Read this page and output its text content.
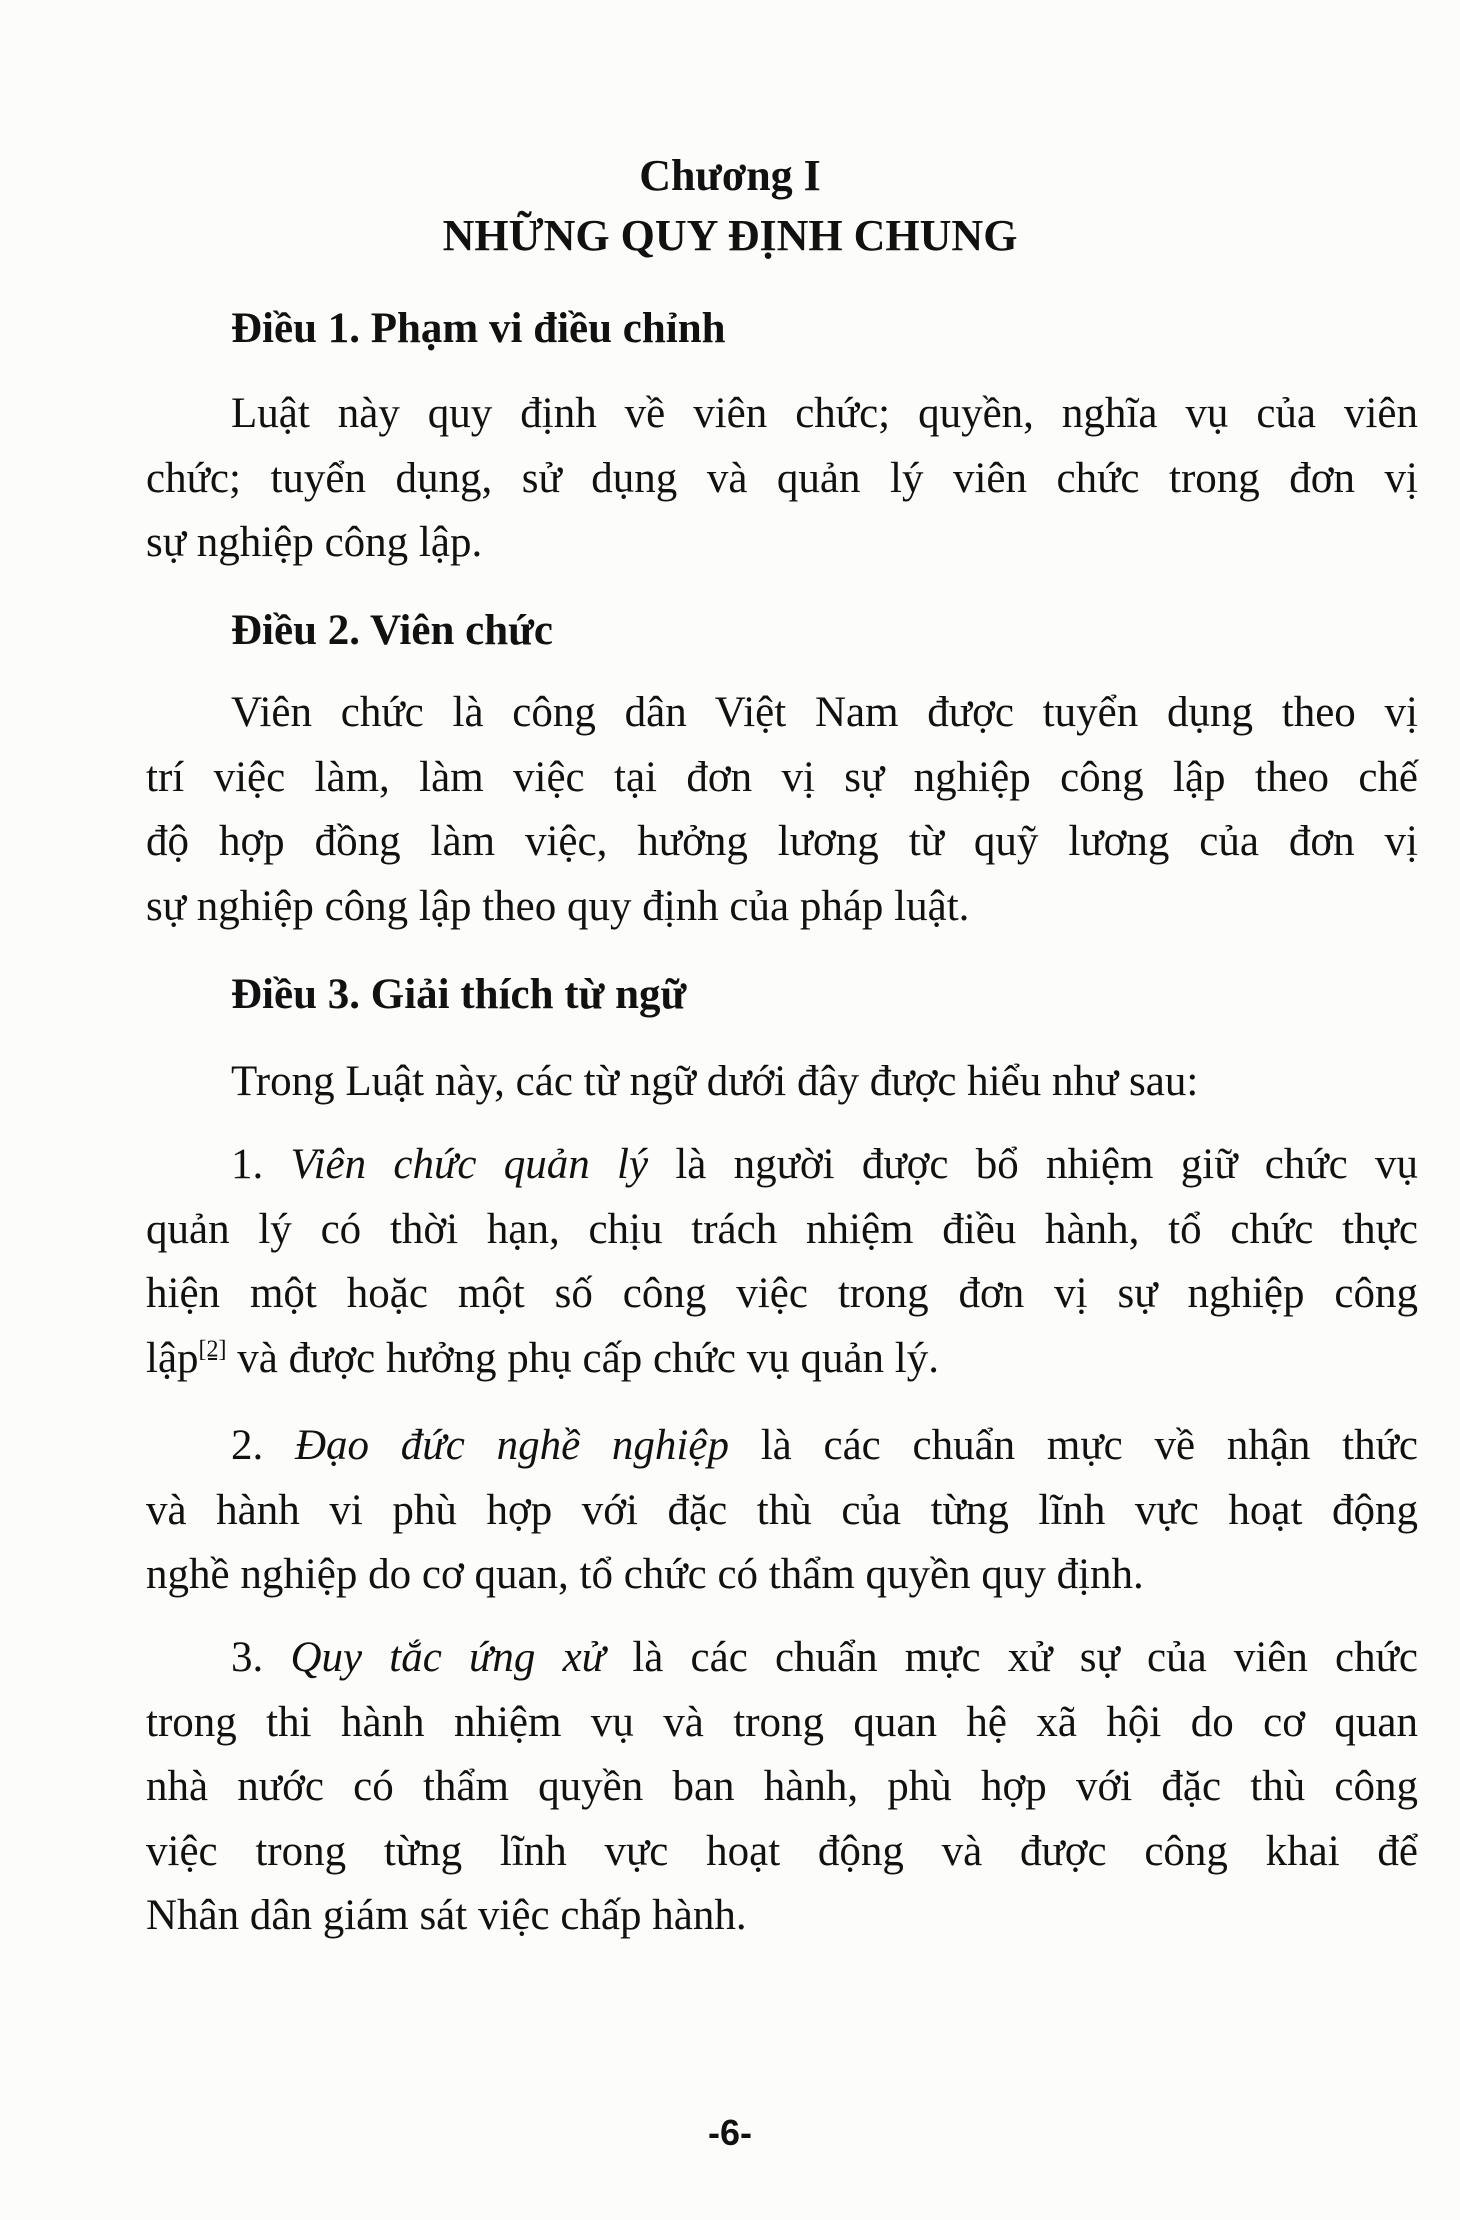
Chương I
NHỮNG QUY ĐỊNH CHUNG
Điều 1. Phạm vi điều chỉnh
Luật này quy định về viên chức; quyền, nghĩa vụ của viên
chức; tuyển dụng, sử dụng và quản lý viên chức trong đơn vị
sự nghiệp công lập.
Điều 2. Viên chức
Viên chức là công dân Việt Nam được tuyển dụng theo vị
trí việc làm, làm việc tại đơn vị sự nghiệp công lập theo chế
độ hợp đồng làm việc, hưởng lương từ quỹ lương của đơn vị
sự nghiệp công lập theo quy định của pháp luật.
Điều 3. Giải thích từ ngữ
Trong Luật này, các từ ngữ dưới đây được hiểu như sau:
1. Viên chức quản lý là người được bổ nhiệm giữ chức vụ
quản lý có thời hạn, chịu trách nhiệm điều hành, tổ chức thực
hiện một hoặc một số công việc trong đơn vị sự nghiệp công
lập[2] và được hưởng phụ cấp chức vụ quản lý.
2. Đạo đức nghề nghiệp là các chuẩn mực về nhận thức
và hành vi phù hợp với đặc thù của từng lĩnh vực hoạt động
nghề nghiệp do cơ quan, tổ chức có thẩm quyền quy định.
3. Quy tắc ứng xử là các chuẩn mực xử sự của viên chức
trong thi hành nhiệm vụ và trong quan hệ xã hội do cơ quan
nhà nước có thẩm quyền ban hành, phù hợp với đặc thù công
việc trong từng lĩnh vực hoạt động và được công khai để
Nhân dân giám sát việc chấp hành.
-6-
